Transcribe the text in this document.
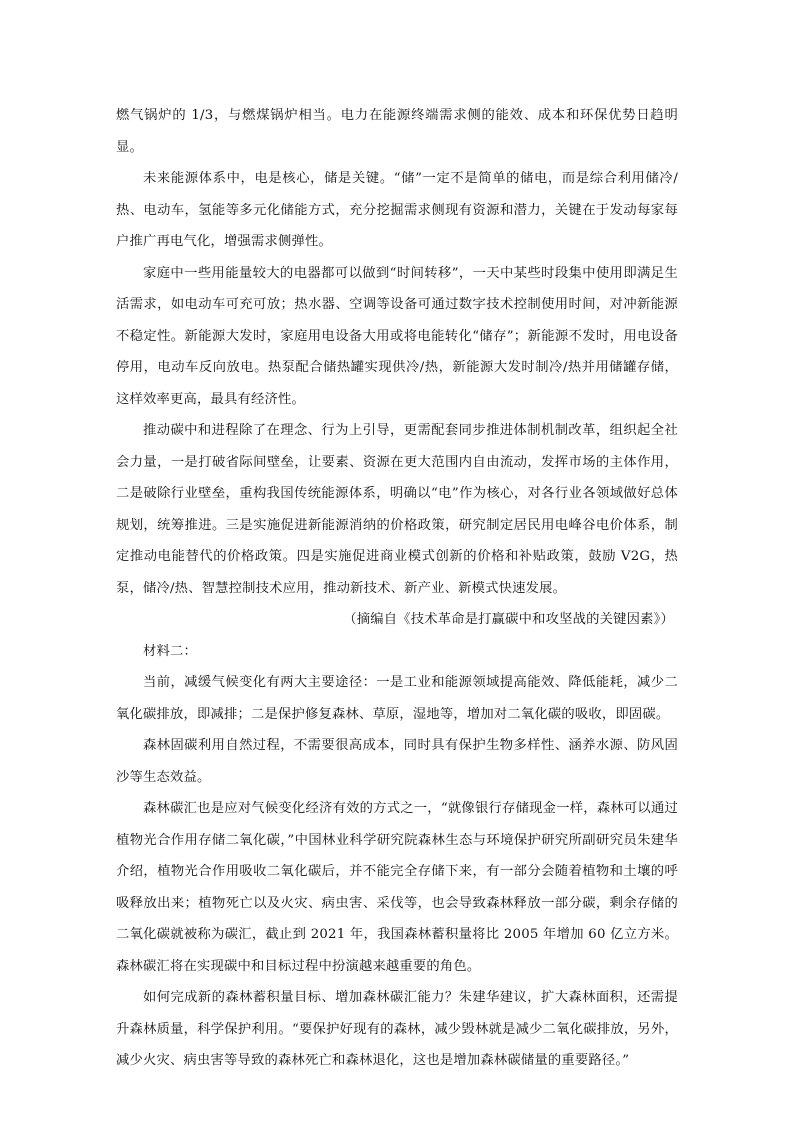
燃气锅炉的 1/3，与燃煤锅炉相当。电力在能源终端需求侧的能效、成本和环保优势日趋明显。

未来能源体系中，电是核心，储是关键。“储”一定不是简单的储电，而是综合利用储冷/热、电动车，氢能等多元化储能方式，充分挖掘需求侧现有资源和潜力，关键在于发动每家每户推广再电气化，增强需求侧弹性。

家庭中一些用能量较大的电器都可以做到“时间转移”，一天中某些时段集中使用即满足生活需求，如电动车可充可放；热水器、空调等设备可通过数字技术控制使用时间，对冲新能源不稳定性。新能源大发时，家庭用电设备大用或将电能转化“储存”；新能源不发时，用电设备停用，电动车反向放电。热泵配合储热罐实现供冷/热，新能源大发时制冷/热并用储罐存储，这样效率更高，最具有经济性。

推动碳中和进程除了在理念、行为上引导，更需配套同步推进体制机制改革，组织起全社会力量，一是打破省际间壁垒，让要素、资源在更大范围内自由流动，发挥市场的主体作用，二是破除行业壁垒，重构我国传统能源体系，明确以“电”作为核心，对各行业各领域做好总体规划，统筹推进。三是实施促进新能源消纳的价格政策，研究制定居民用电峰谷电价体系，制定推动电能替代的价格政策。四是实施促进商业模式创新的价格和补贴政策，鼓励 V2G，热泵，储冷/热、智慧控制技术应用，推动新技术、新产业、新模式快速发展。

（摘编自《技术革命是打赢碳中和攻坚战的关键因素》）

材料二：

当前，减缓气候变化有两大主要途径：一是工业和能源领域提高能效、降低能耗，减少二氧化碳排放，即减排；二是保护修复森林、草原，湿地等，增加对二氧化碳的吸收，即固碳。

森林固碳利用自然过程，不需要很高成本，同时具有保护生物多样性、涵养水源、防风固沙等生态效益。

森林碳汇也是应对气候变化经济有效的方式之一，“就像银行存储现金一样，森林可以通过植物光合作用存储二氧化碳，”中国林业科学研究院森林生态与环境保护研究所副研究员朱建华介绍，植物光合作用吸收二氧化碳后，并不能完全存储下来，有一部分会随着植物和土壤的呼吸释放出来；植物死亡以及火灾、病虫害、采伐等，也会导致森林释放一部分碳，剩余存储的二氧化碳就被称为碳汇，截止到 2021 年，我国森林蓄积量将比 2005 年增加 60 亿立方米。森林碳汇将在实现碳中和目标过程中扮演越来越重要的角色。

如何完成新的森林蓄积量目标、增加森林碳汇能力？朱建华建议，扩大森林面积，还需提升森林质量，科学保护利用。“要保护好现有的森林，减少毁林就是减少二氧化碳排放，另外，减少火灾、病虫害等导致的森林死亡和森林退化，这也是增加森林碳储量的重要路径。”
